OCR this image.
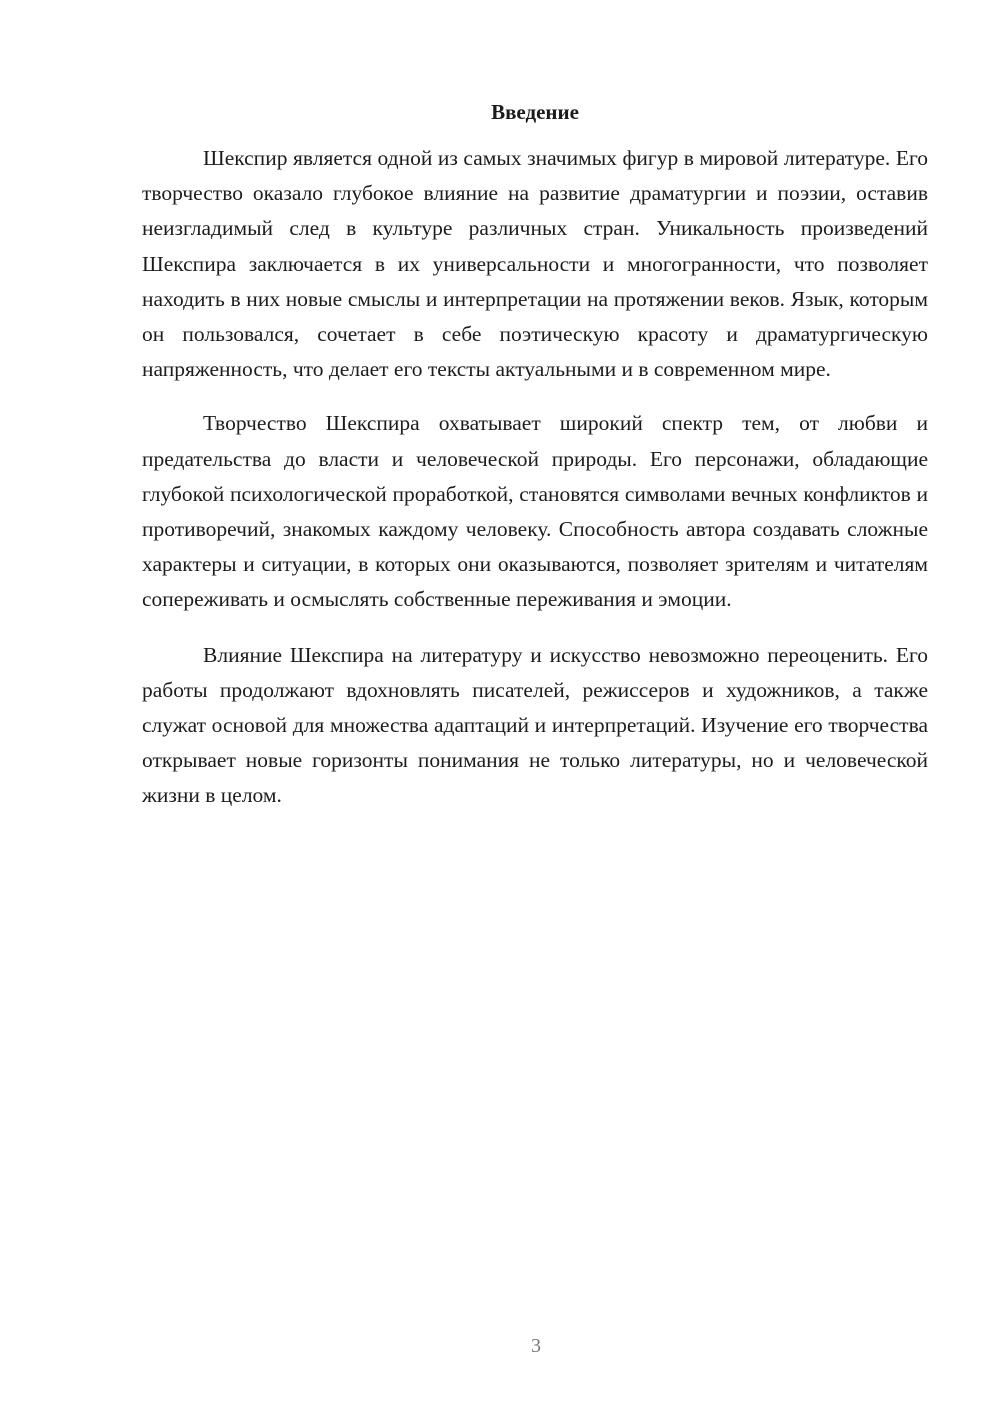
Введение

Шекспир является одной из самых значимых фигур в мировой литературе. Его творчество оказало глубокое влияние на развитие драматургии и поэзии, оставив неизгладимый след в культуре различных стран. Уникальность произведений Шекспира заключается в их универсальности и многогранности, что позволяет находить в них новые смыслы и интерпретации на протяжении веков. Язык, которым он пользовался, сочетает в себе поэтическую красоту и драматургическую напряженность, что делает его тексты актуальными и в современном мире.

Творчество Шекспира охватывает широкий спектр тем, от любви и предательства до власти и человеческой природы. Его персонажи, обладающие глубокой психологической проработкой, становятся символами вечных конфликтов и противоречий, знакомых каждому человеку. Способность автора создавать сложные характеры и ситуации, в которых они оказываются, позволяет зрителям и читателям сопереживать и осмыслять собственные переживания и эмоции.

Влияние Шекспира на литературу и искусство невозможно переоценить. Его работы продолжают вдохновлять писателей, режиссеров и художников, а также служат основой для множества адаптаций и интерпретаций. Изучение его творчества открывает новые горизонты понимания не только литературы, но и человеческой жизни в целом.

3
